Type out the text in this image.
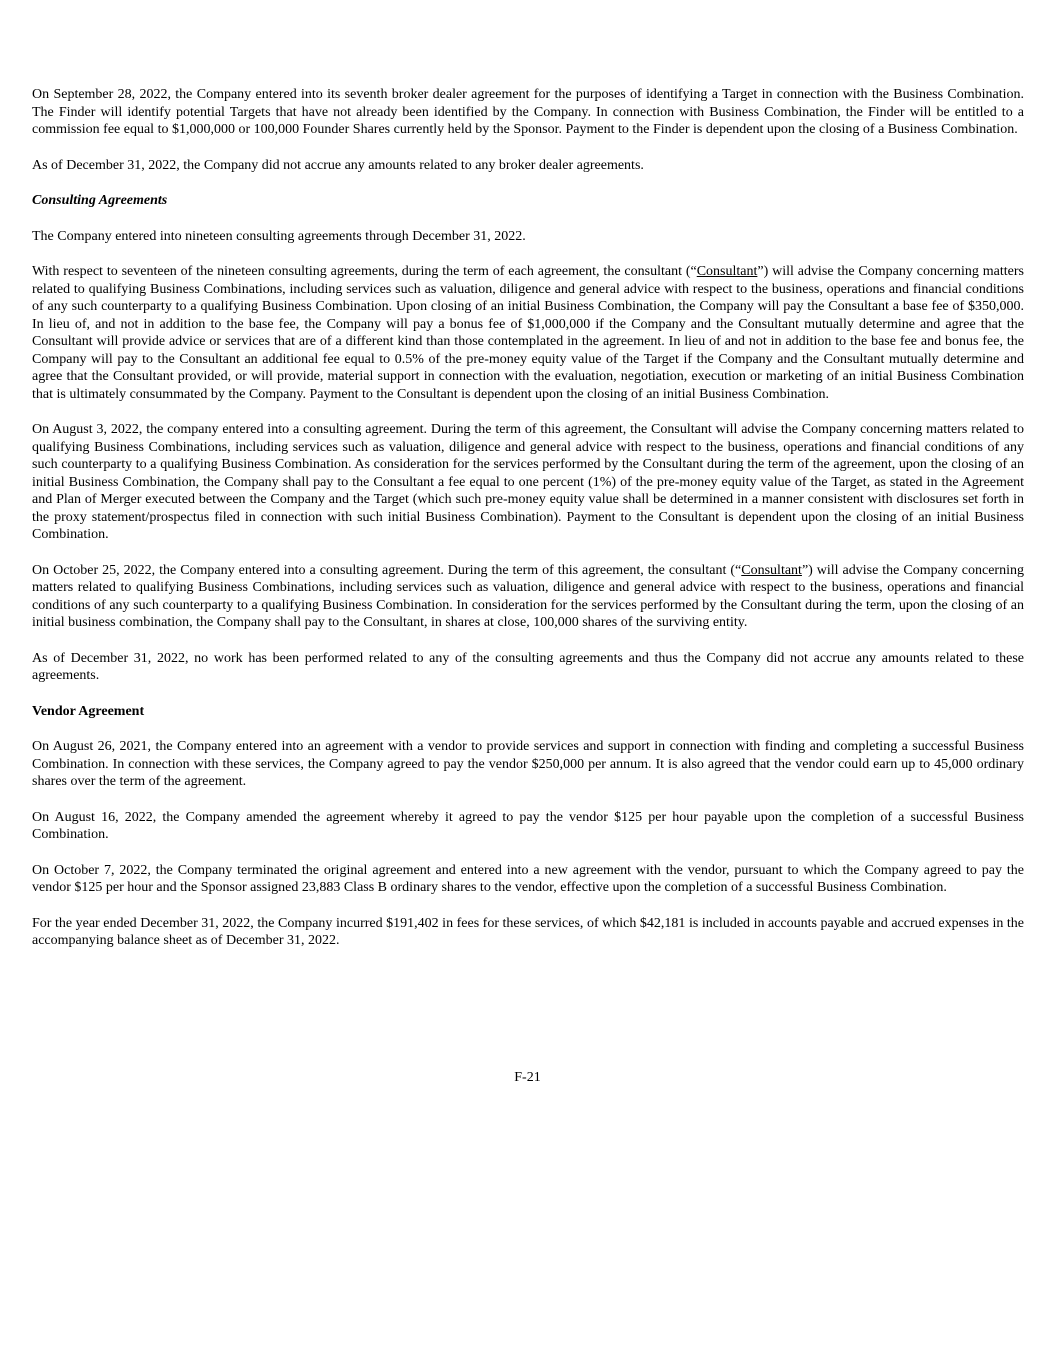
On September 28, 2022, the Company entered into its seventh broker dealer agreement for the purposes of identifying a Target in connection with the Business Combination. The Finder will identify potential Targets that have not already been identified by the Company. In connection with Business Combination, the Finder will be entitled to a commission fee equal to $1,000,000 or 100,000 Founder Shares currently held by the Sponsor. Payment to the Finder is dependent upon the closing of a Business Combination.

As of December 31, 2022, the Company did not accrue any amounts related to any broker dealer agreements.

Consulting Agreements

The Company entered into nineteen consulting agreements through December 31, 2022.

With respect to seventeen of the nineteen consulting agreements, during the term of each agreement, the consultant (“Consultant”) will advise the Company concerning matters related to qualifying Business Combinations, including services such as valuation, diligence and general advice with respect to the business, operations and financial conditions of any such counterparty to a qualifying Business Combination. Upon closing of an initial Business Combination, the Company will pay the Consultant a base fee of $350,000. In lieu of, and not in addition to the base fee, the Company will pay a bonus fee of $1,000,000 if the Company and the Consultant mutually determine and agree that the Consultant will provide advice or services that are of a different kind than those contemplated in the agreement. In lieu of and not in addition to the base fee and bonus fee, the Company will pay to the Consultant an additional fee equal to 0.5% of the pre-money equity value of the Target if the Company and the Consultant mutually determine and agree that the Consultant provided, or will provide, material support in connection with the evaluation, negotiation, execution or marketing of an initial Business Combination that is ultimately consummated by the Company. Payment to the Consultant is dependent upon the closing of an initial Business Combination.

On August 3, 2022, the company entered into a consulting agreement. During the term of this agreement, the Consultant will advise the Company concerning matters related to qualifying Business Combinations, including services such as valuation, diligence and general advice with respect to the business, operations and financial conditions of any such counterparty to a qualifying Business Combination. As consideration for the services performed by the Consultant during the term of the agreement, upon the closing of an initial Business Combination, the Company shall pay to the Consultant a fee equal to one percent (1%) of the pre-money equity value of the Target, as stated in the Agreement and Plan of Merger executed between the Company and the Target (which such pre-money equity value shall be determined in a manner consistent with disclosures set forth in the proxy statement/prospectus filed in connection with such initial Business Combination). Payment to the Consultant is dependent upon the closing of an initial Business Combination.

On October 25, 2022, the Company entered into a consulting agreement. During the term of this agreement, the consultant (“Consultant”) will advise the Company concerning matters related to qualifying Business Combinations, including services such as valuation, diligence and general advice with respect to the business, operations and financial conditions of any such counterparty to a qualifying Business Combination. In consideration for the services performed by the Consultant during the term, upon the closing of an initial business combination, the Company shall pay to the Consultant, in shares at close, 100,000 shares of the surviving entity.

As of December 31, 2022, no work has been performed related to any of the consulting agreements and thus the Company did not accrue any amounts related to these agreements.

Vendor Agreement

On August 26, 2021, the Company entered into an agreement with a vendor to provide services and support in connection with finding and completing a successful Business Combination. In connection with these services, the Company agreed to pay the vendor $250,000 per annum. It is also agreed that the vendor could earn up to 45,000 ordinary shares over the term of the agreement.

On August 16, 2022, the Company amended the agreement whereby it agreed to pay the vendor $125 per hour payable upon the completion of a successful Business Combination.

On October 7, 2022, the Company terminated the original agreement and entered into a new agreement with the vendor, pursuant to which the Company agreed to pay the vendor $125 per hour and the Sponsor assigned 23,883 Class B ordinary shares to the vendor, effective upon the completion of a successful Business Combination.

For the year ended December 31, 2022, the Company incurred $191,402 in fees for these services, of which $42,181 is included in accounts payable and accrued expenses in the accompanying balance sheet as of December 31, 2022.

F-21
